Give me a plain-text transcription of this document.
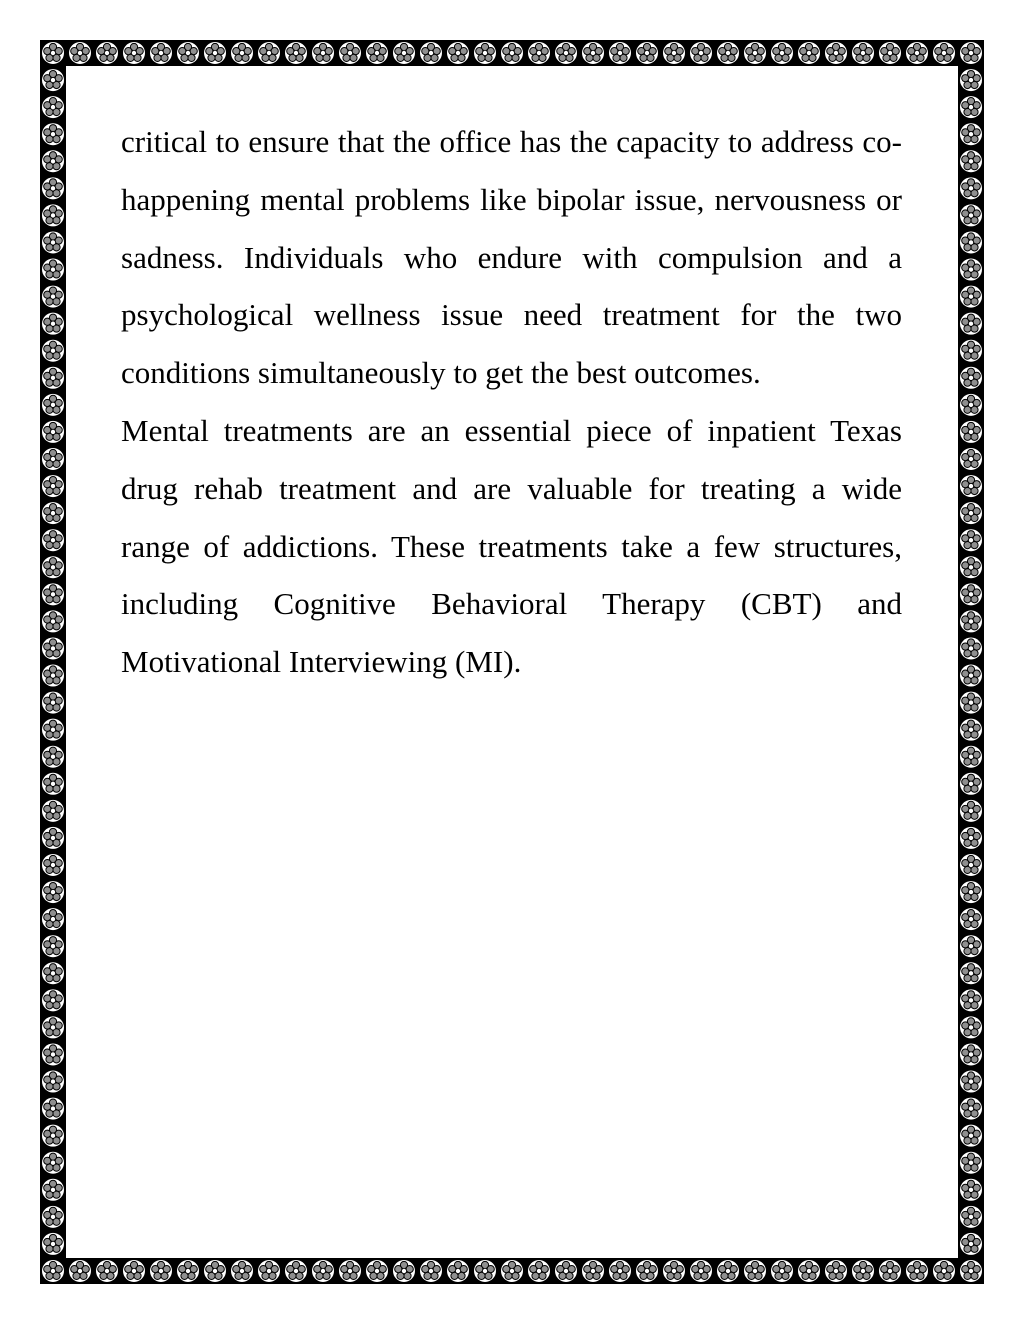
critical to ensure that the office has the capacity to address co-happening mental problems like bipolar issue, nervousness or sadness. Individuals who endure with compulsion and a psychological wellness issue need treatment for the two conditions simultaneously to get the best outcomes.

Mental treatments are an essential piece of inpatient Texas drug rehab treatment and are valuable for treating a wide range of addictions. These treatments take a few structures, including Cognitive Behavioral Therapy (CBT) and Motivational Interviewing (MI).
